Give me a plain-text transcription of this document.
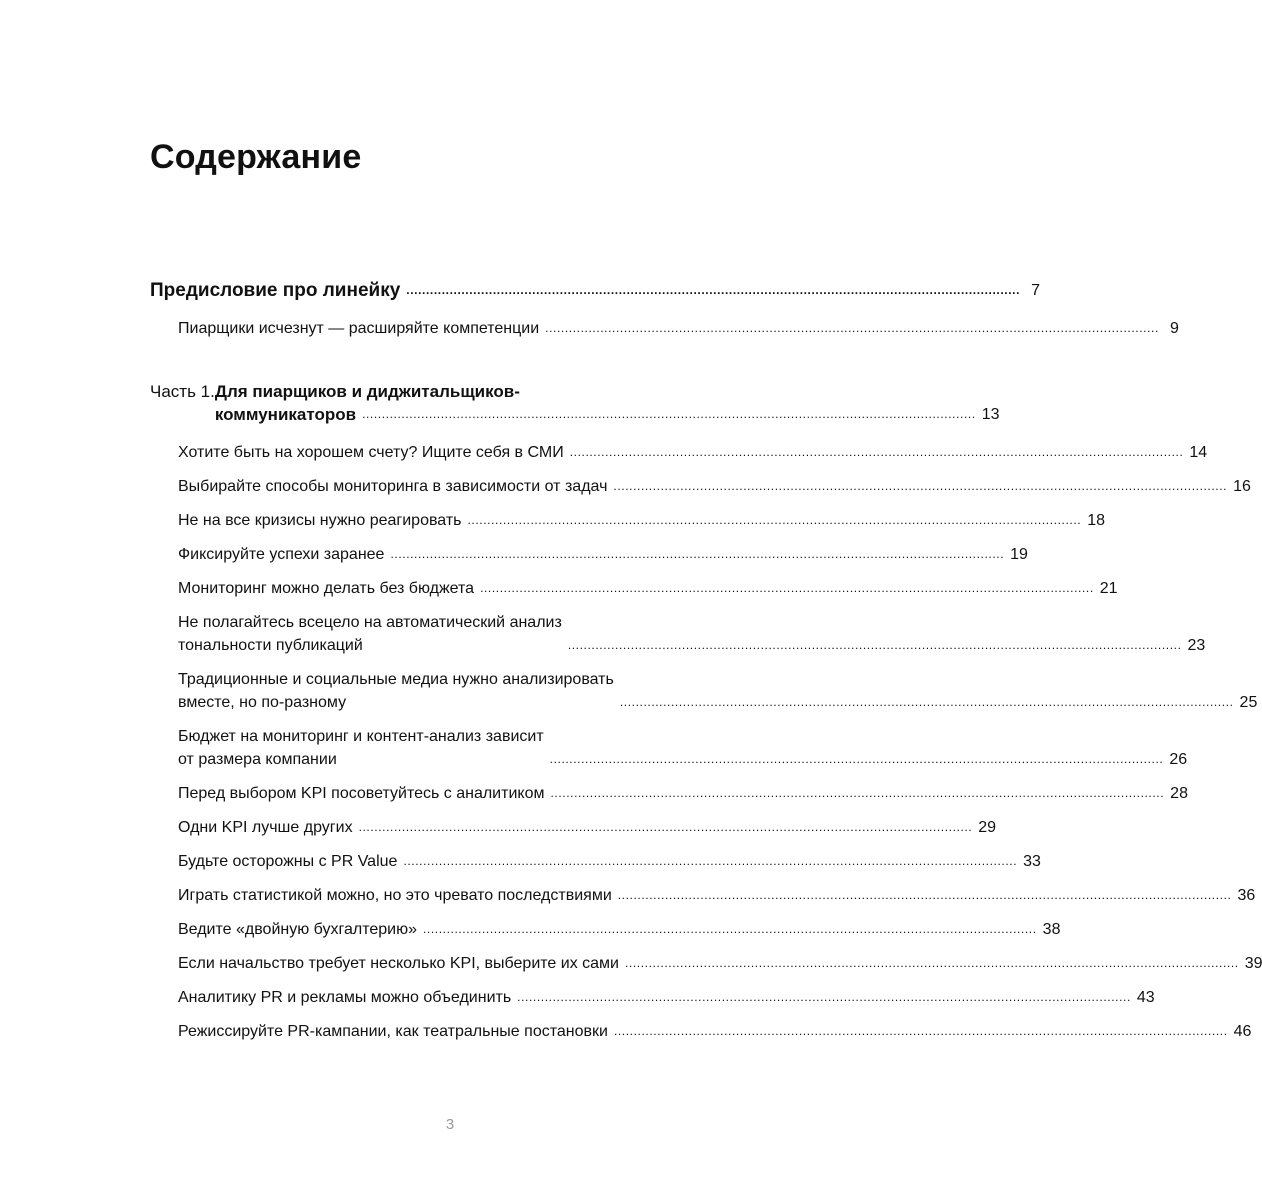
Содержание
Предисловие про линейку .....	7
Пиарщики исчезнут — расширяйте компетенции .....	9
Часть 1. Для пиарщиков и диджитальщиков-
коммуникаторов .....	13
Хотите быть на хорошем счету? Ищите себя в СМИ .....	14
Выбирайте способы мониторинга в зависимости от задач .....	16
Не на все кризисы нужно реагировать .....	18
Фиксируйте успехи заранее .....	19
Мониторинг можно делать без бюджета .....	21
Не полагайтесь всецело на автоматический анализ
тональности публикаций .....	23
Традиционные и социальные медиа нужно анализировать
вместе, но по-разному .....	25
Бюджет на мониторинг и контент-анализ зависит
от размера компании .....	26
Перед выбором KPI посоветуйтесь с аналитиком .....	28
Одни KPI лучше других .....	29
Будьте осторожны с PR Value .....	33
Играть статистикой можно, но это чревато последствиями .....	36
Ведите «двойную бухгалтерию» .....	38
Если начальство требует несколько KPI, выберите их сами .....	39
Аналитику PR и рекламы можно объединить .....	43
Режиссируйте PR-кампании, как театральные постановки .....	46
3
